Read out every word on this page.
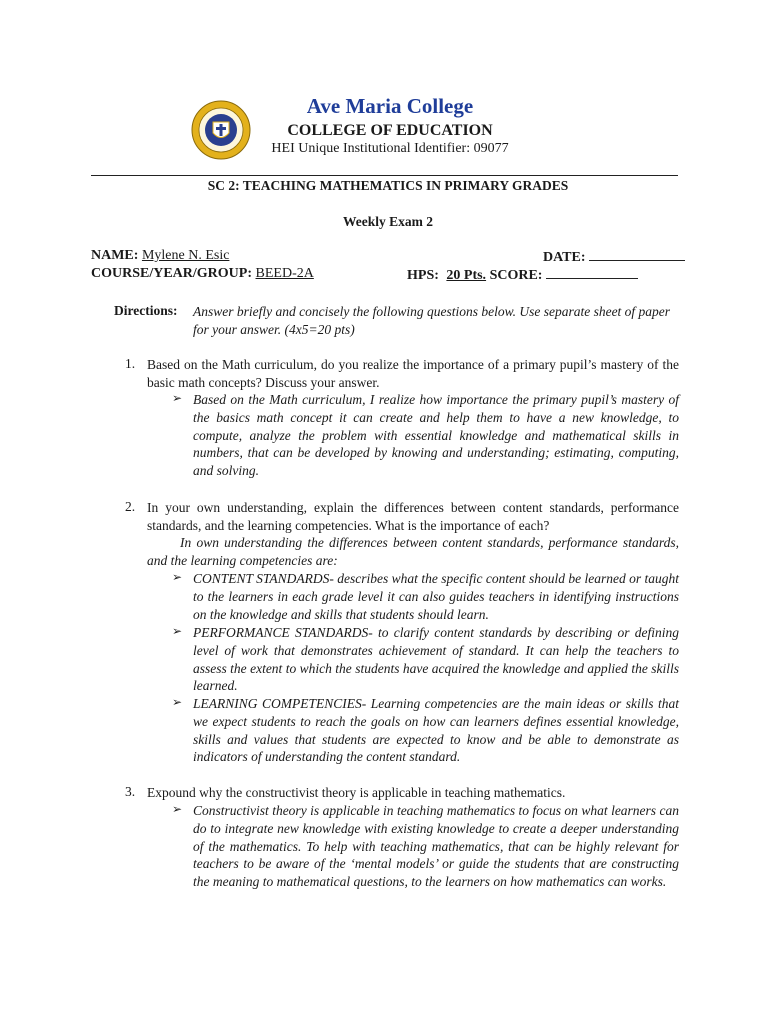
Ave Maria College
COLLEGE OF EDUCATION
HEI Unique Institutional Identifier: 09077
SC 2: TEACHING MATHEMATICS IN PRIMARY GRADES
Weekly Exam 2
NAME: Mylene N. Esic	DATE:
COURSE/YEAR/GROUP: BEED-2A	HPS: 20 Pts. SCORE:
Directions: Answer briefly and concisely the following questions below. Use separate sheet of paper for your answer. (4x5=20 pts)
1. Based on the Math curriculum, do you realize the importance of a primary pupil’s mastery of the basic math concepts? Discuss your answer.
➢ Based on the Math curriculum, I realize how importance the primary pupil’s mastery of the basics math concept it can create and help them to have a new knowledge, to compute, analyze the problem with essential knowledge and mathematical skills in numbers, that can be developed by knowing and understanding; estimating, computing, and solving.
2. In your own understanding, explain the differences between content standards, performance standards, and the learning competencies. What is the importance of each?
In own understanding the differences between content standards, performance standards, and the learning competencies are:
➢ CONTENT STANDARDS- describes what the specific content should be learned or taught to the learners in each grade level it can also guides teachers in identifying instructions on the knowledge and skills that students should learn.
➢ PERFORMANCE STANDARDS- to clarify content standards by describing or defining level of work that demonstrates achievement of standard. It can help the teachers to assess the extent to which the students have acquired the knowledge and applied the skills learned.
➢ LEARNING COMPETENCIES- Learning competencies are the main ideas or skills that we expect students to reach the goals on how can learners defines essential knowledge, skills and values that students are expected to know and be able to demonstrate as indicators of understanding the content standard.
3. Expound why the constructivist theory is applicable in teaching mathematics.
➢ Constructivist theory is applicable in teaching mathematics to focus on what learners can do to integrate new knowledge with existing knowledge to create a deeper understanding of the mathematics. To help with teaching mathematics, that can be highly relevant for teachers to be aware of the ‘mental models’ or guide the students that are constructing the meaning to mathematical questions, to the learners on how mathematics can works.
